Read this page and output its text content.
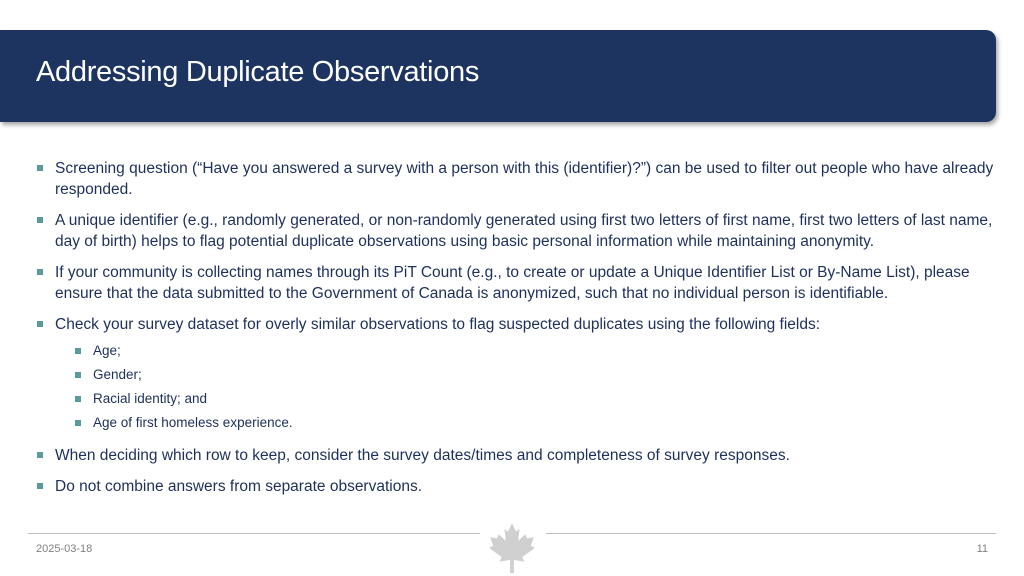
Addressing Duplicate Observations
Screening question (“Have you answered a survey with a person with this (identifier)?”) can be used to filter out people who have already responded.
A unique identifier (e.g., randomly generated, or non-randomly generated using first two letters of first name, first two letters of last name, day of birth) helps to flag potential duplicate observations using basic personal information while maintaining anonymity.
If your community is collecting names through its PiT Count (e.g., to create or update a Unique Identifier List or By-Name List), please ensure that the data submitted to the Government of Canada is anonymized, such that no individual person is identifiable.
Check your survey dataset for overly similar observations to flag suspected duplicates using the following fields:
Age;
Gender;
Racial identity; and
Age of first homeless experience.
When deciding which row to keep, consider the survey dates/times and completeness of survey responses.
Do not combine answers from separate observations.
2025-03-18	11
